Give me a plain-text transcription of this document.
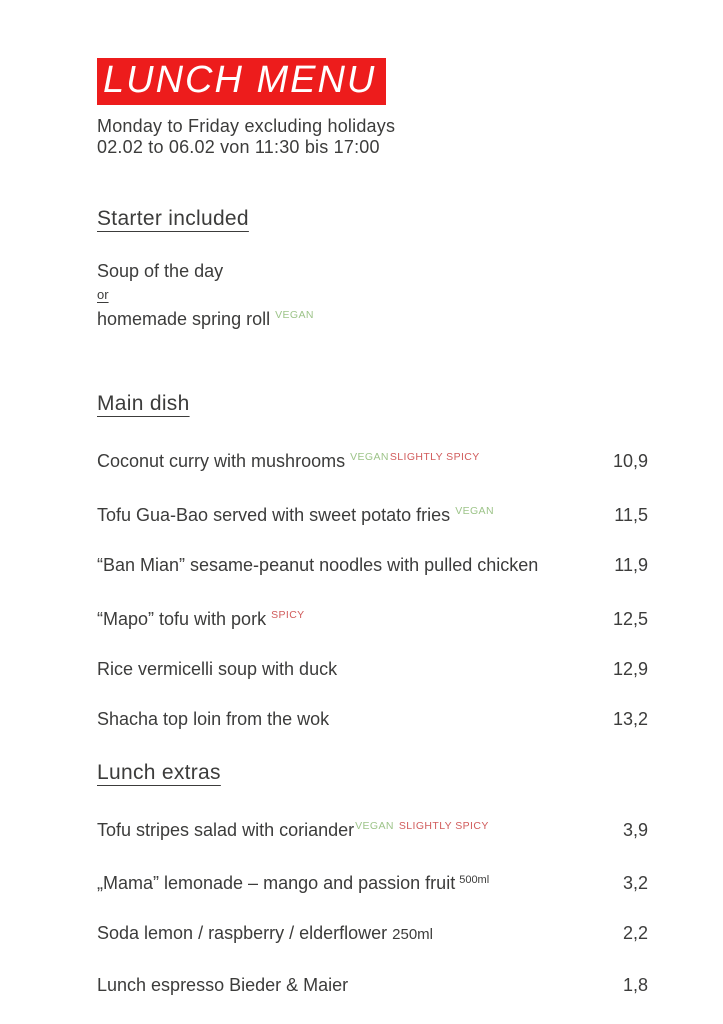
LUNCH MENU
Monday to Friday excluding holidays
02.02 to 06.02 von 11:30 bis 17:00
Starter included
Soup of the day
or
homemade spring roll $^{VEGAN}$
Main dish
Coconut curry with mushrooms $^{VEGANSLIGHTLY SPICY}$	10,9
Tofu Gua-Bao served with sweet potato fries $^{VEGAN}$	11,5
“Ban Mian” sesame-peanut noodles with pulled chicken	11,9
“Mapo” tofu with pork $^{SPICY}$	12,5
Rice vermicelli soup with duck	12,9
Shacha top loin from the wok	13,2
Lunch extras
Tofu stripes salad with coriander$^{VEGAN}$ $^{SLIGHTLY SPICY}$	3,9
„Mama” lemonade – mango and passion fruit $^{500ml}$	3,2
Soda lemon / raspberry / elderflower 250ml	2,2
Lunch espresso Bieder & Maier	1,8
